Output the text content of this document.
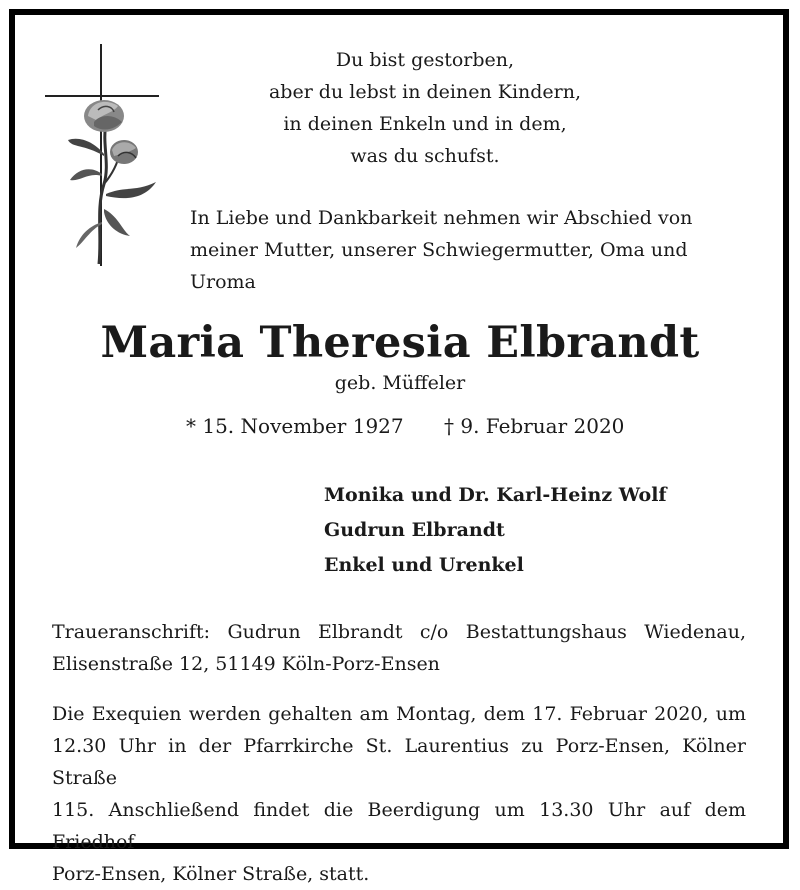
Du bist gestorben,
aber du lebst in deinen Kindern,
in deinen Enkeln und in dem,
was du schufst.
In Liebe und Dankbarkeit nehmen wir Abschied von meiner Mutter, unserer Schwiegermutter, Oma und Uroma
Maria Theresia Elbrandt
geb. Müffeler
* 15. November 1927 † 9. Februar 2020
Monika und Dr. Karl-Heinz Wolf
Gudrun Elbrandt
Enkel und Urenkel
Traueranschrift: Gudrun Elbrandt c/o Bestattungshaus Wiedenau,
Elisenstraße 12, 51149 Köln-Porz-Ensen
Die Exequien werden gehalten am Montag, dem 17. Februar 2020, um
12.30 Uhr in der Pfarrkirche St. Laurentius zu Porz-Ensen, Kölner Straße
115. Anschließend findet die Beerdigung um 13.30 Uhr auf dem Friedhof
Porz-Ensen, Kölner Straße, statt.
